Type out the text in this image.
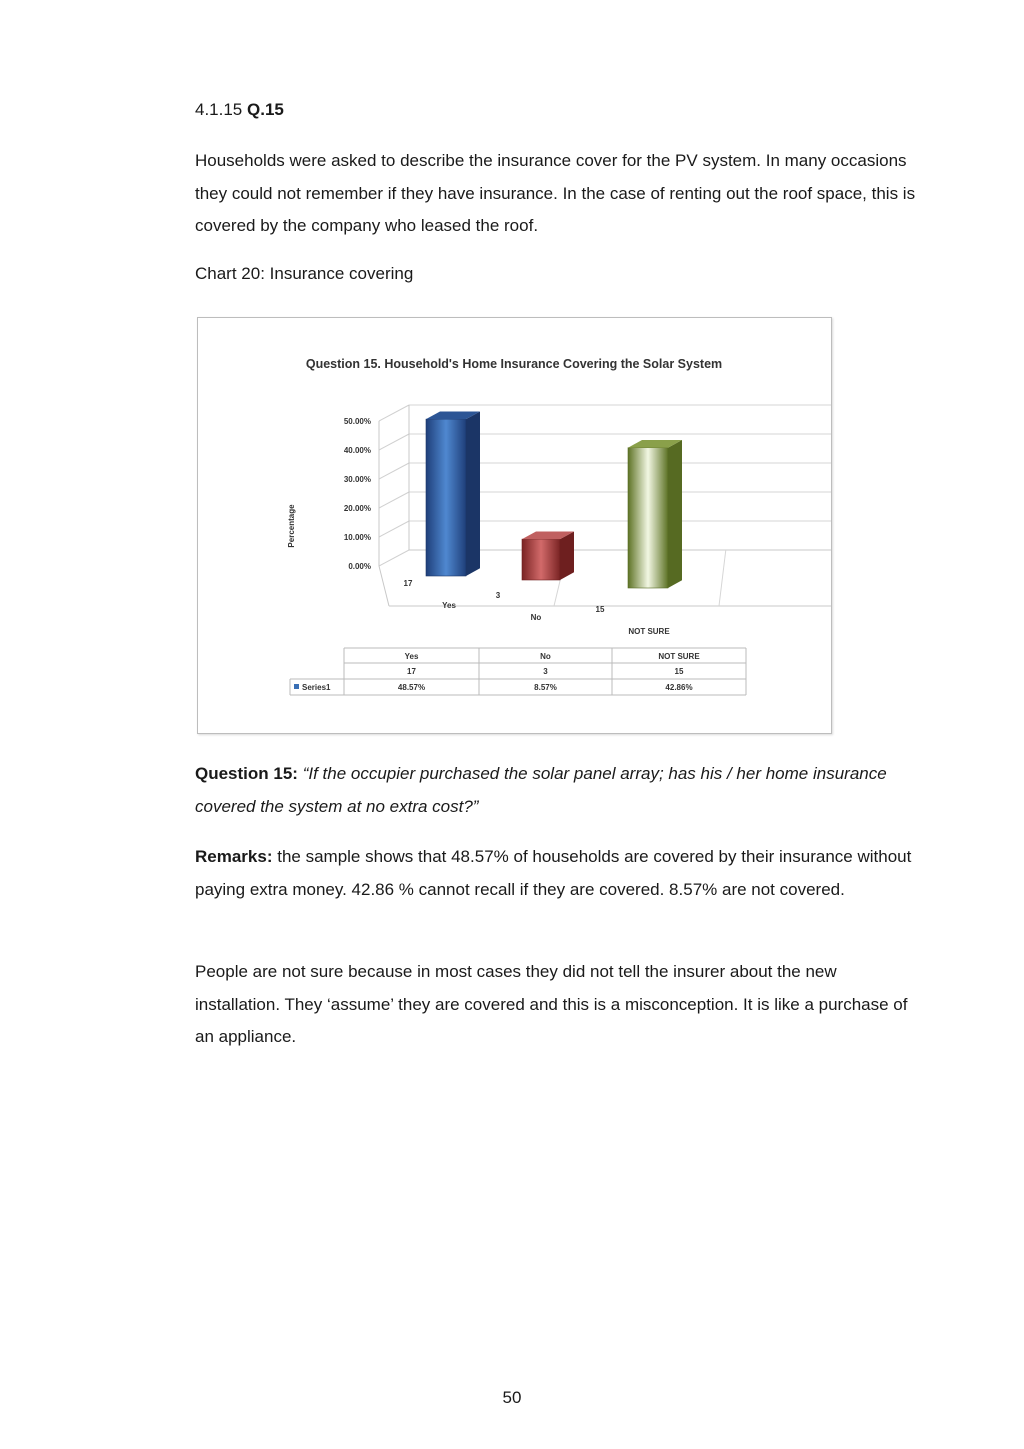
4.1.15 Q.15

Households were asked to describe the insurance cover for the PV system. In many occasions they could not remember if they have insurance. In the case of renting out the roof space, this is covered by the company who leased the roof.

Chart 20: Insurance covering
Question 15. Household's Home Insurance Covering the Solar System
Percentage
0.00%
10.00%
20.00%
30.00%
40.00%
50.00%
17
Yes
3
No
15
NOT SURE
Yes
17
48.57%
No
3
8.57%
NOT SURE
15
42.86%
Series1

Question 15: “If the occupier purchased the solar panel array; has his / her home insurance covered the system at no extra cost?”

Remarks: the sample shows that 48.57% of households are covered by their insurance without paying extra money. 42.86 % cannot recall if they are covered. 8.57% are not covered.

People are not sure because in most cases they did not tell the insurer about the new installation. They ‘assume’ they are covered and this is a misconception. It is like a purchase of an appliance.

50
